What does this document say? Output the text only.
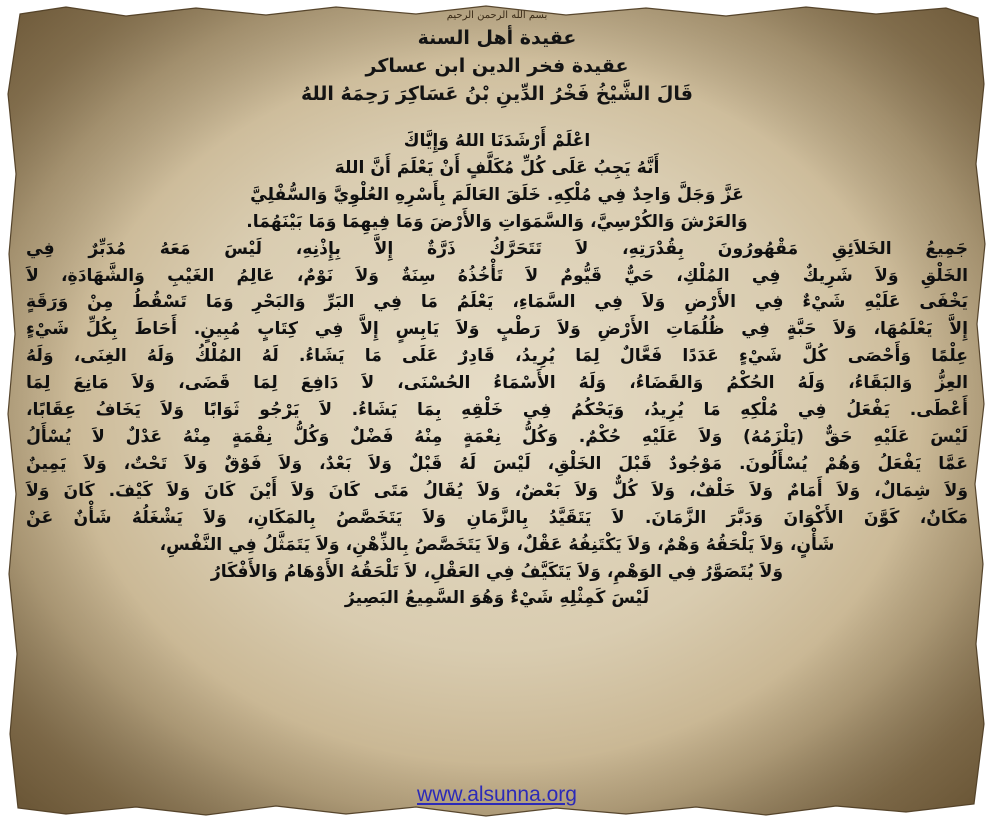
بسم الله الرحمن الرحيم
عقيدة أهل السنة
عقيدة فخر الدين ابن عساكر
قَالَ الشَّيْخُ فَخْرُ الدِّينِ بْنُ عَسَاكِرَ رَحِمَهُ اللهُ
اعْلَمْ أَرْشَدَنَا اللهُ وَإِيَّاكَ
أَنَّهُ يَجِبُ عَلَى كُلِّ مُكَلَّفٍ أَنْ يَعْلَمَ أَنَّ اللهَ
عَزَّ وَجَلَّ وَاحِدٌ فِي مُلْكِهِ. خَلَقَ العَالَمَ بِأَسْرِهِ العُلْوِيَّ وَالسُّفْلِيَّ
وَالعَرْشَ وَالكُرْسِيَّ، وَالسَّمَوَاتِ وَالأَرْضَ وَمَا فِيهِمَا وَمَا بَيْنَهُمَا.
جَمِيعُ الخَلاَئِقِ مَقْهُورُونَ بِقُدْرَتِهِ، لاَ تَتَحَرَّكُ ذَرَّةٌ إِلاَّ بِإِذْنِهِ، لَيْسَ مَعَهُ مُدَبِّرٌ فِي
الخَلْقِ وَلاَ شَرِيكٌ فِي المُلْكِ، حَيٌّ قَيُّومٌ لاَ تَأْخُذُهُ سِنَةٌ وَلاَ نَوْمٌ، عَالِمُ الغَيْبِ وَالشَّهَادَةِ، لاَ
يَخْفَى عَلَيْهِ شَيْءٌ فِي الأَرْضِ وَلاَ فِي السَّمَاءِ، يَعْلَمُ مَا فِي البَرِّ وَالبَحْرِ وَمَا تَسْقُطُ مِنْ وَرَقَةٍ
إِلاَّ يَعْلَمُهَا، وَلاَ حَبَّةٍ فِي ظُلُمَاتِ الأَرْضِ وَلاَ رَطْبٍ وَلاَ يَابِسٍ إِلاَّ فِي كِتَابٍ مُبِينٍ. أَحَاطَ بِكُلِّ شَيْءٍ
عِلْمًا وَأَحْصَى كُلَّ شَيْءٍ عَدَدًا فَعَّالٌ لِمَا يُرِيدُ، قَادِرٌ عَلَى مَا يَشَاءُ. لَهُ المُلْكُ وَلَهُ الغِنَى، وَلَهُ
العِزُّ وَالبَقَاءُ، وَلَهُ الحُكْمُ وَالقَضَاءُ، وَلَهُ الأَسْمَاءُ الحُسْنَى، لاَ دَافِعَ لِمَا قَضَى، وَلاَ مَانِعَ لِمَا
أَعْطَى. يَفْعَلُ فِي مُلْكِهِ مَا يُرِيدُ، وَيَحْكُمُ فِي خَلْقِهِ بِمَا يَشَاءُ. لاَ يَرْجُو ثَوَابًا وَلاَ يَخَافُ عِقَابًا،
لَيْسَ عَلَيْهِ حَقٌّ (يَلْزَمُهُ) وَلاَ عَلَيْهِ حُكْمٌ. وَكُلُّ نِعْمَةٍ مِنْهُ فَضْلٌ وَكُلُّ نِقْمَةٍ مِنْهُ عَدْلٌ لاَ يُسْأَلُ
عَمَّا يَفْعَلُ وَهُمْ يُسْأَلُونَ. مَوْجُودٌ قَبْلَ الخَلْقِ، لَيْسَ لَهُ قَبْلٌ وَلاَ بَعْدٌ، وَلاَ فَوْقٌ وَلاَ تَحْتٌ، وَلاَ يَمِينٌ
وَلاَ شِمَالٌ، وَلاَ أَمَامٌ وَلاَ خَلْفٌ، وَلاَ كُلٌّ وَلاَ بَعْضٌ، وَلاَ يُقَالُ مَتَى كَانَ وَلاَ أَيْنَ كَانَ وَلاَ كَيْفَ. كَانَ وَلاَ
مَكَانٌ، كَوَّنَ الأَكْوَانَ وَدَبَّرَ الزَّمَانَ. لاَ يَتَقَيَّدُ بِالزَّمَانِ وَلاَ يَتَخَصَّصُ بِالمَكَانِ، وَلاَ يَشْغَلُهُ شَأْنٌ عَنْ
شَأْنٍ، وَلاَ يَلْحَقُهُ وَهْمٌ، وَلاَ يَكْتَنِفُهُ عَقْلٌ، وَلاَ يَتَخَصَّصُ بِالذِّهْنِ، وَلاَ يَتَمَثَّلُ فِي النَّفْسِ،
وَلاَ يُتَصَوَّرُ فِي الوَهْمِ، وَلاَ يَتَكَيَّفُ فِي العَقْلِ، لاَ تَلْحَقُهُ الأَوْهَامُ وَالأَفْكَارُ
لَيْسَ كَمِثْلِهِ شَيْءٌ وَهُوَ السَّمِيعُ البَصِيرُ
www.alsunna.org
